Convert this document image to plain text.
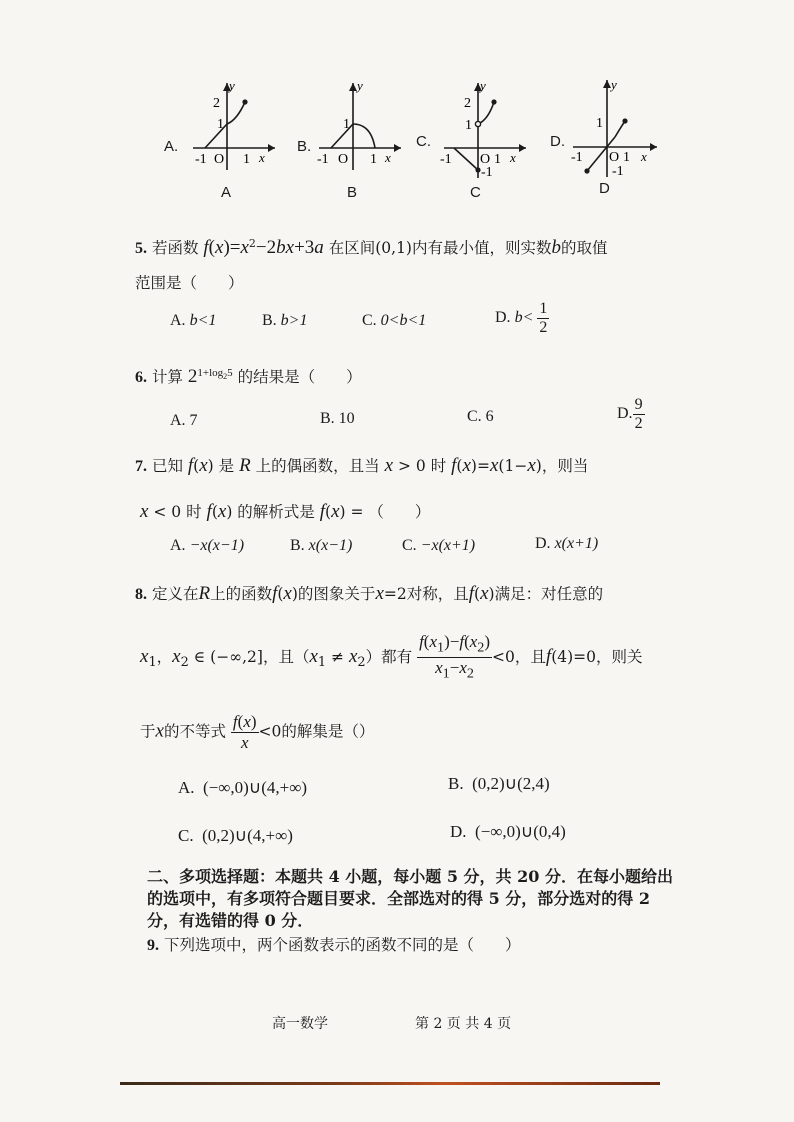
A.
y
x
2
1
-1 O 1
A
B.
y
x
1
-1 O 1
B
C.
y
x
2
1
-1 O 1
-1
C
D.
y
x
1
-1 O 1
-1
D
5. 若函数 $f(x)=x^2-2bx+3a$ 在区间(0,1)内有最小值，则实数b的取值
范围是（　　）
A. b<1	B. b>1	C. 0<b<1	D. $b< \frac{1}{2}$
6. 计算 $2^{1+log_25}$ 的结果是（　　）
A. 7	B. 10	C. 6	D. $\frac{9}{2}$
7. 已知 f(x) 是 R 上的偶函数，且当 x > 0 时 f(x)=x(1−x)，则当
x < 0 时 f(x) 的解析式是 f(x) = （　　）
A. −x(x−1)	B. x(x−1)	C. −x(x+1)	D. x(x+1)
8. 定义在R上的函数f(x)的图象关于x=2对称，且f(x)满足：对任意的
$x_1$，$x_2$ ∈ (−∞,2]，且$(x_1 \ne x_2)$都有 $\frac{f(x_1)-f(x_2)}{x_1-x_2} <0$，且f(4)=0，则关
于x的不等式 $\frac{f(x)}{x} <0$的解集是（）
A. (−∞,0)∪(4,+∞)	B. (0,2)∪(2,4)
C. (0,2)∪(4,+∞)	D. (−∞,0)∪(0,4)
二、多项选择题：本题共 4 小题，每小题 5 分，共 20 分．在每小题给出的选项中，有多项符合题目要求．全部选对的得 5 分，部分选对的得 2 分，有选错的得 0 分．
9. 下列选项中，两个函数表示的函数不同的是（　　）
高一数学	第 2 页 共 4 页
